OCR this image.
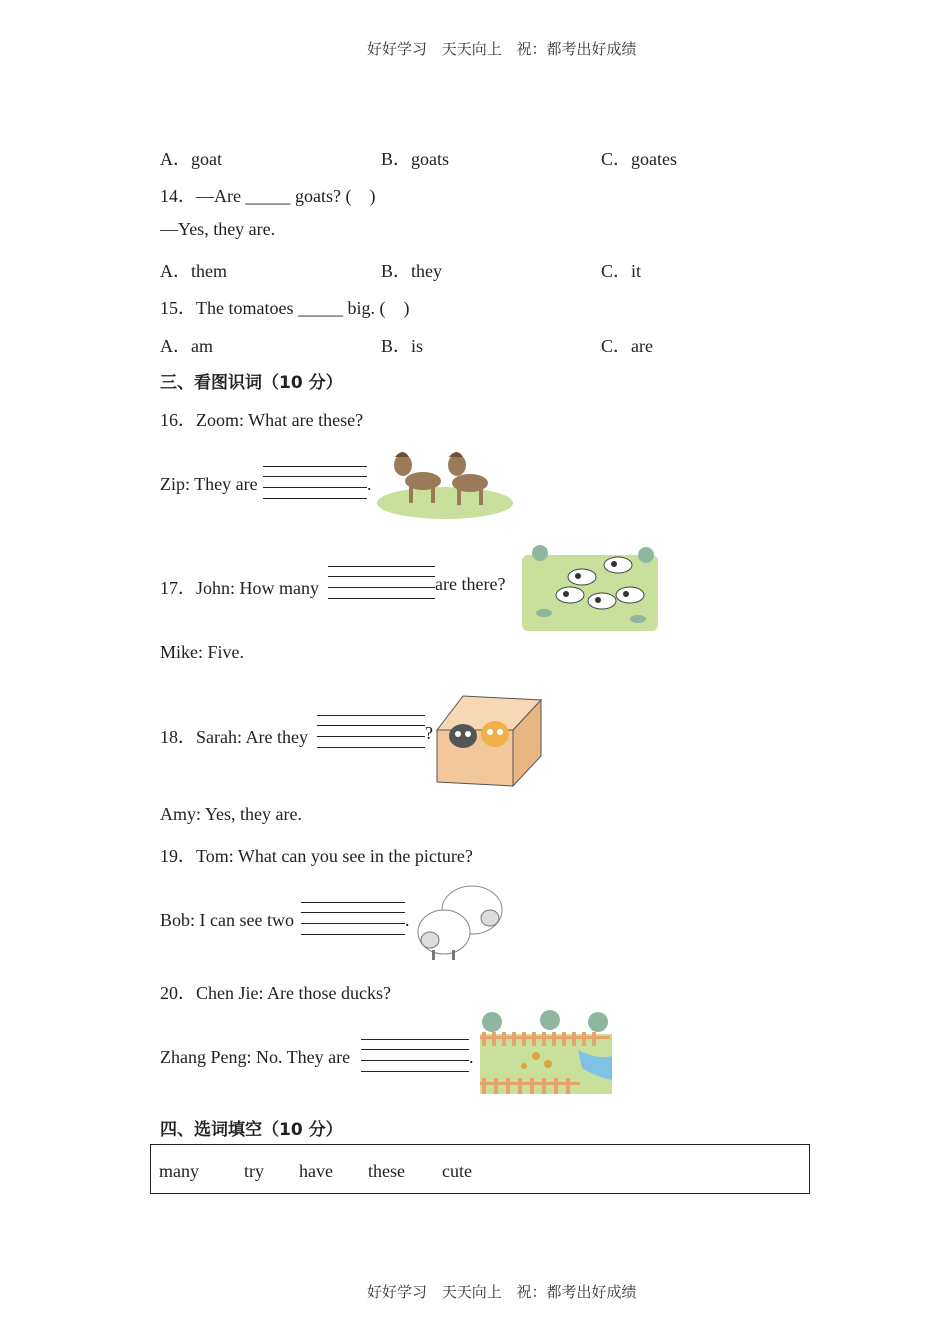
好好学习 天天向上 祝：都考出好成绩
A．goat	B．goats	C．goates
14．—Are _____ goats? (　)
—Yes, they are.
A．them	B．they	C．it
15．The tomatoes _____ big. (　)
A．am	B．is	C．are
三、看图识词（10 分）
16．Zoom: What are these?
Zip: They are	.
17．John: How many	are there?
Mike: Five.
18．Sarah: Are they	?
Amy: Yes, they are.
19．Tom: What can you see in the picture?
Bob: I can see two	.
20．Chen Jie: Are those ducks?
Zhang Peng: No. They are	.
四、选词填空（10 分）
many	try have these cute
好好学习 天天向上 祝：都考出好成绩
